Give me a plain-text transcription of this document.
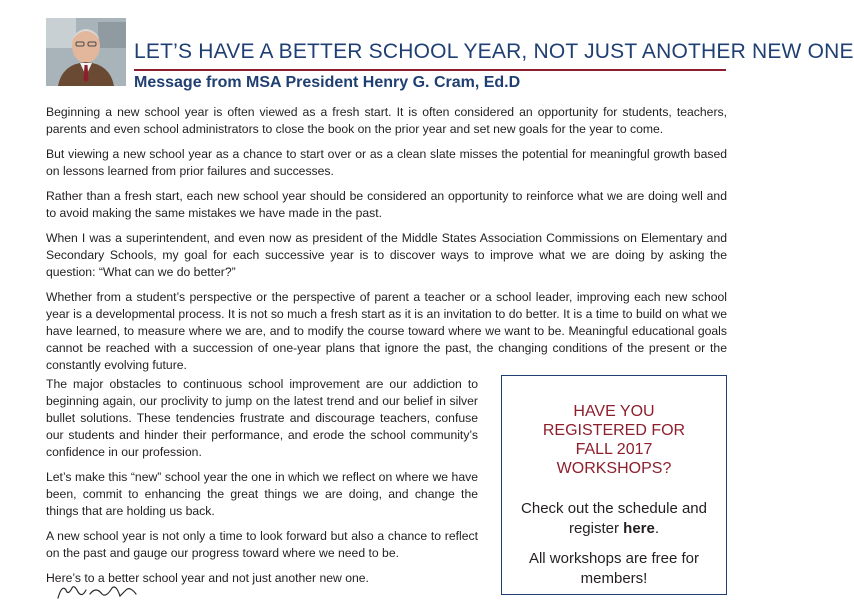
LET’S HAVE A BETTER SCHOOL YEAR, NOT JUST ANOTHER NEW ONE
Message from MSA President Henry G. Cram, Ed.D

Beginning a new school year is often viewed as a fresh start. It is often considered an opportunity for students, teachers, parents and even school administrators to close the book on the prior year and set new goals for the year to come.

But viewing a new school year as a chance to start over or as a clean slate misses the potential for meaningful growth based on lessons learned from prior failures and successes.

Rather than a fresh start, each new school year should be considered an opportunity to reinforce what we are doing well and to avoid making the same mistakes we have made in the past.

When I was a superintendent, and even now as president of the Middle States Association Commissions on Elementary and Secondary Schools, my goal for each successive year is to discover ways to improve what we are doing by asking the question: “What can we do better?”

Whether from a student’s perspective or the perspective of parent a teacher or a school leader, improving each new school year is a developmental process. It is not so much a fresh start as it is an invitation to do better. It is a time to build on what we have learned, to measure where we are, and to modify the course toward where we want to be. Meaningful educational goals cannot be reached with a succession of one-year plans that ignore the past, the changing conditions of the present or the constantly evolving future.

The major obstacles to continuous school improvement are our addiction to beginning again, our proclivity to jump on the latest trend and our belief in silver bullet solutions. These tendencies frustrate and discourage teachers, confuse our students and hinder their performance, and erode the school community’s confidence in our profession.

Let’s make this “new” school year the one in which we reflect on where we have been, commit to enhancing the great things we are doing, and change the things that are holding us back.

A new school year is not only a time to look forward but also a chance to reflect on the past and gauge our progress toward where we need to be.

Here’s to a better school year and not just another new one.

HAVE YOU REGISTERED FOR FALL 2017 WORKSHOPS?

Check out the schedule and register here.

All workshops are free for members!
